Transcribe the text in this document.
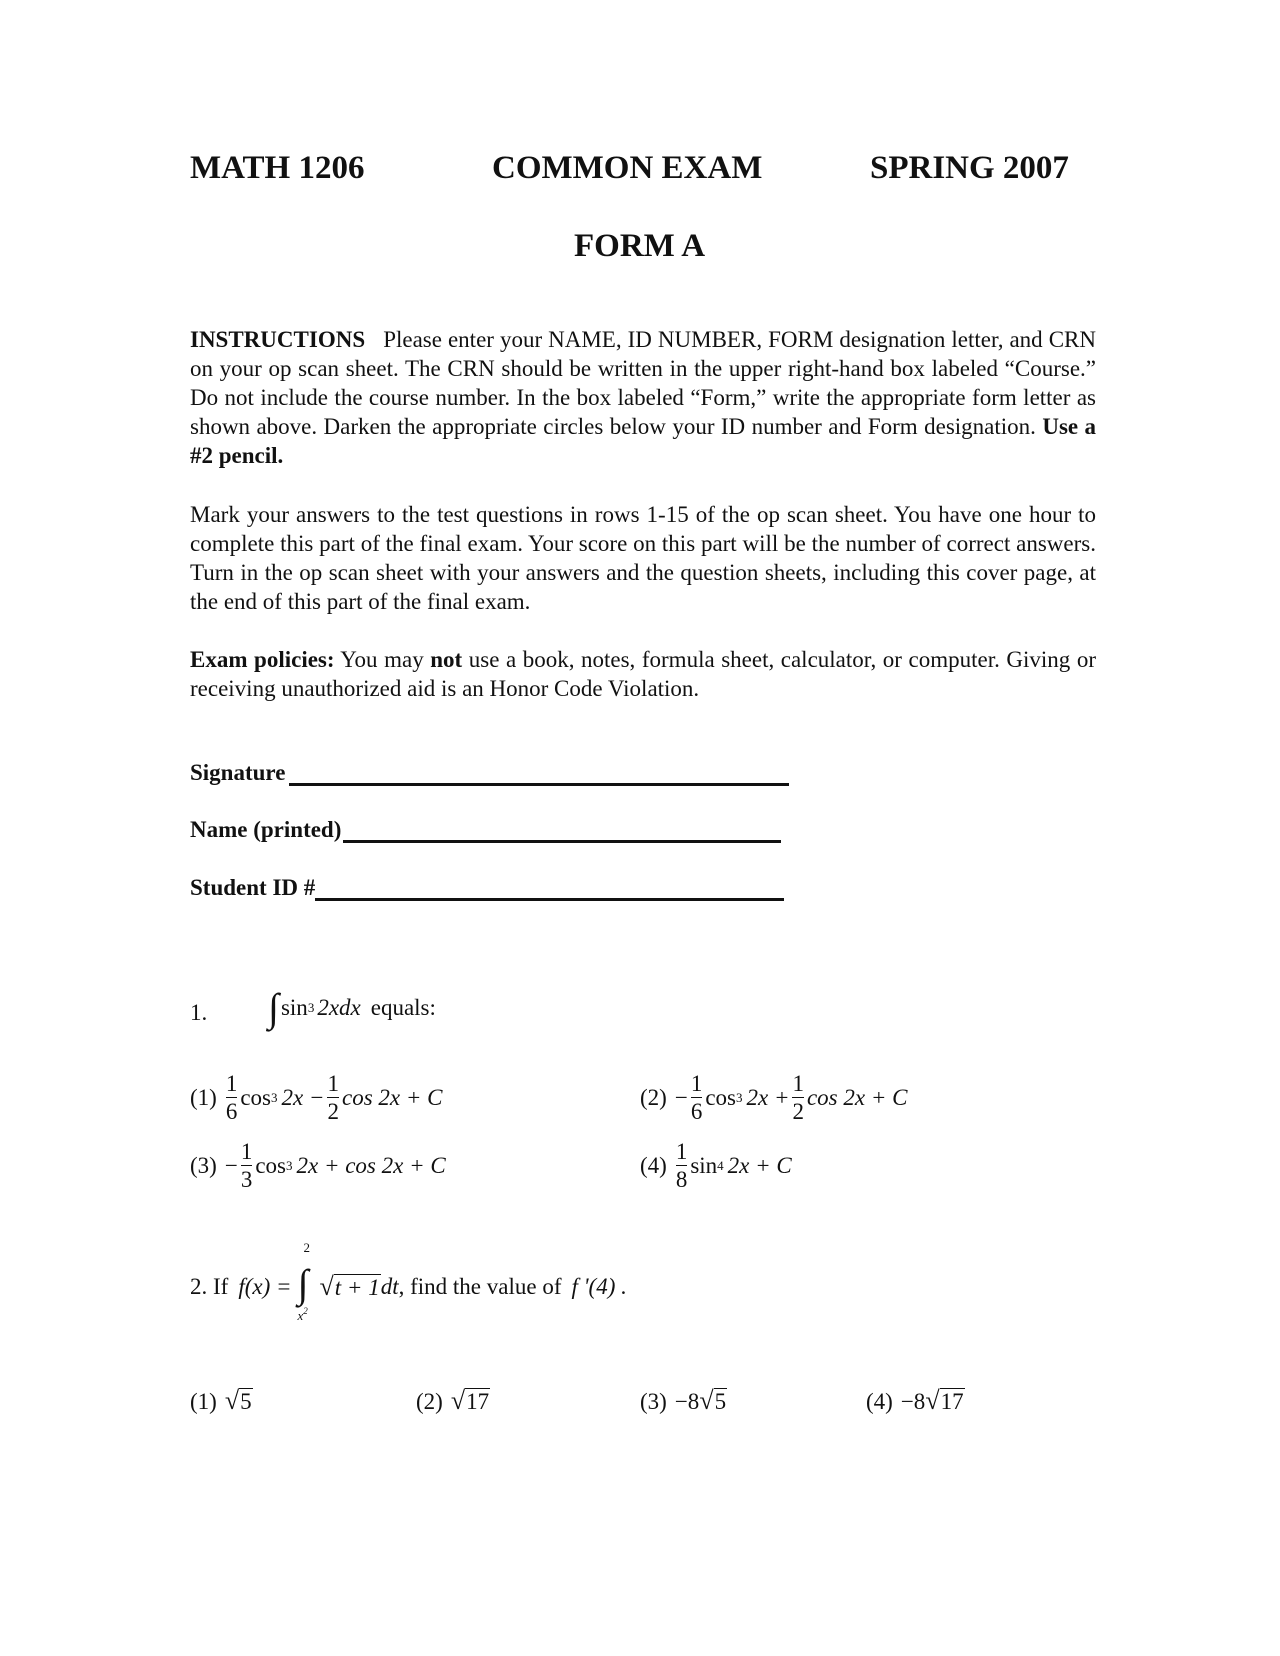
MATH 1206	COMMON EXAM	SPRING 2007
FORM A
INSTRUCTIONS Please enter your NAME, ID NUMBER, FORM designation letter, and CRN on your op scan sheet. The CRN should be written in the upper right-hand box labeled “Course.” Do not include the course number. In the box labeled “Form,” write the appropriate form letter as shown above. Darken the appropriate circles below your ID number and Form designation. Use a #2 pencil.
Mark your answers to the test questions in rows 1-15 of the op scan sheet. You have one hour to complete this part of the final exam. Your score on this part will be the number of correct answers. Turn in the op scan sheet with your answers and the question sheets, including this cover page, at the end of this part of the final exam.
Exam policies: You may not use a book, notes, formula sheet, calculator, or computer. Giving or receiving unauthorized aid is an Honor Code Violation.
Signature
Name (printed)
Student ID #
1. ∫ sin 3 2xdx equals:
$(1) \frac{1}{6}$ cos 3 $2x - \frac{1}{2}$ cos 2x + C	$(2) - \frac{1}{6}$ cos 3 $2x + \frac{1}{2}$ cos 2x + C
$(3) - \frac{1}{3}$ cos 3 2x + cos 2x + C	$(4) \frac{1}{8}$ sin 4 2x + C
2. If f(x) =
2
∫
$x^2$
√ t + 1 dt , find the value of f '(4) .
(1) √ 5	(2) √ 17	(3) −8 √ 5	(4) −8 √ 17
